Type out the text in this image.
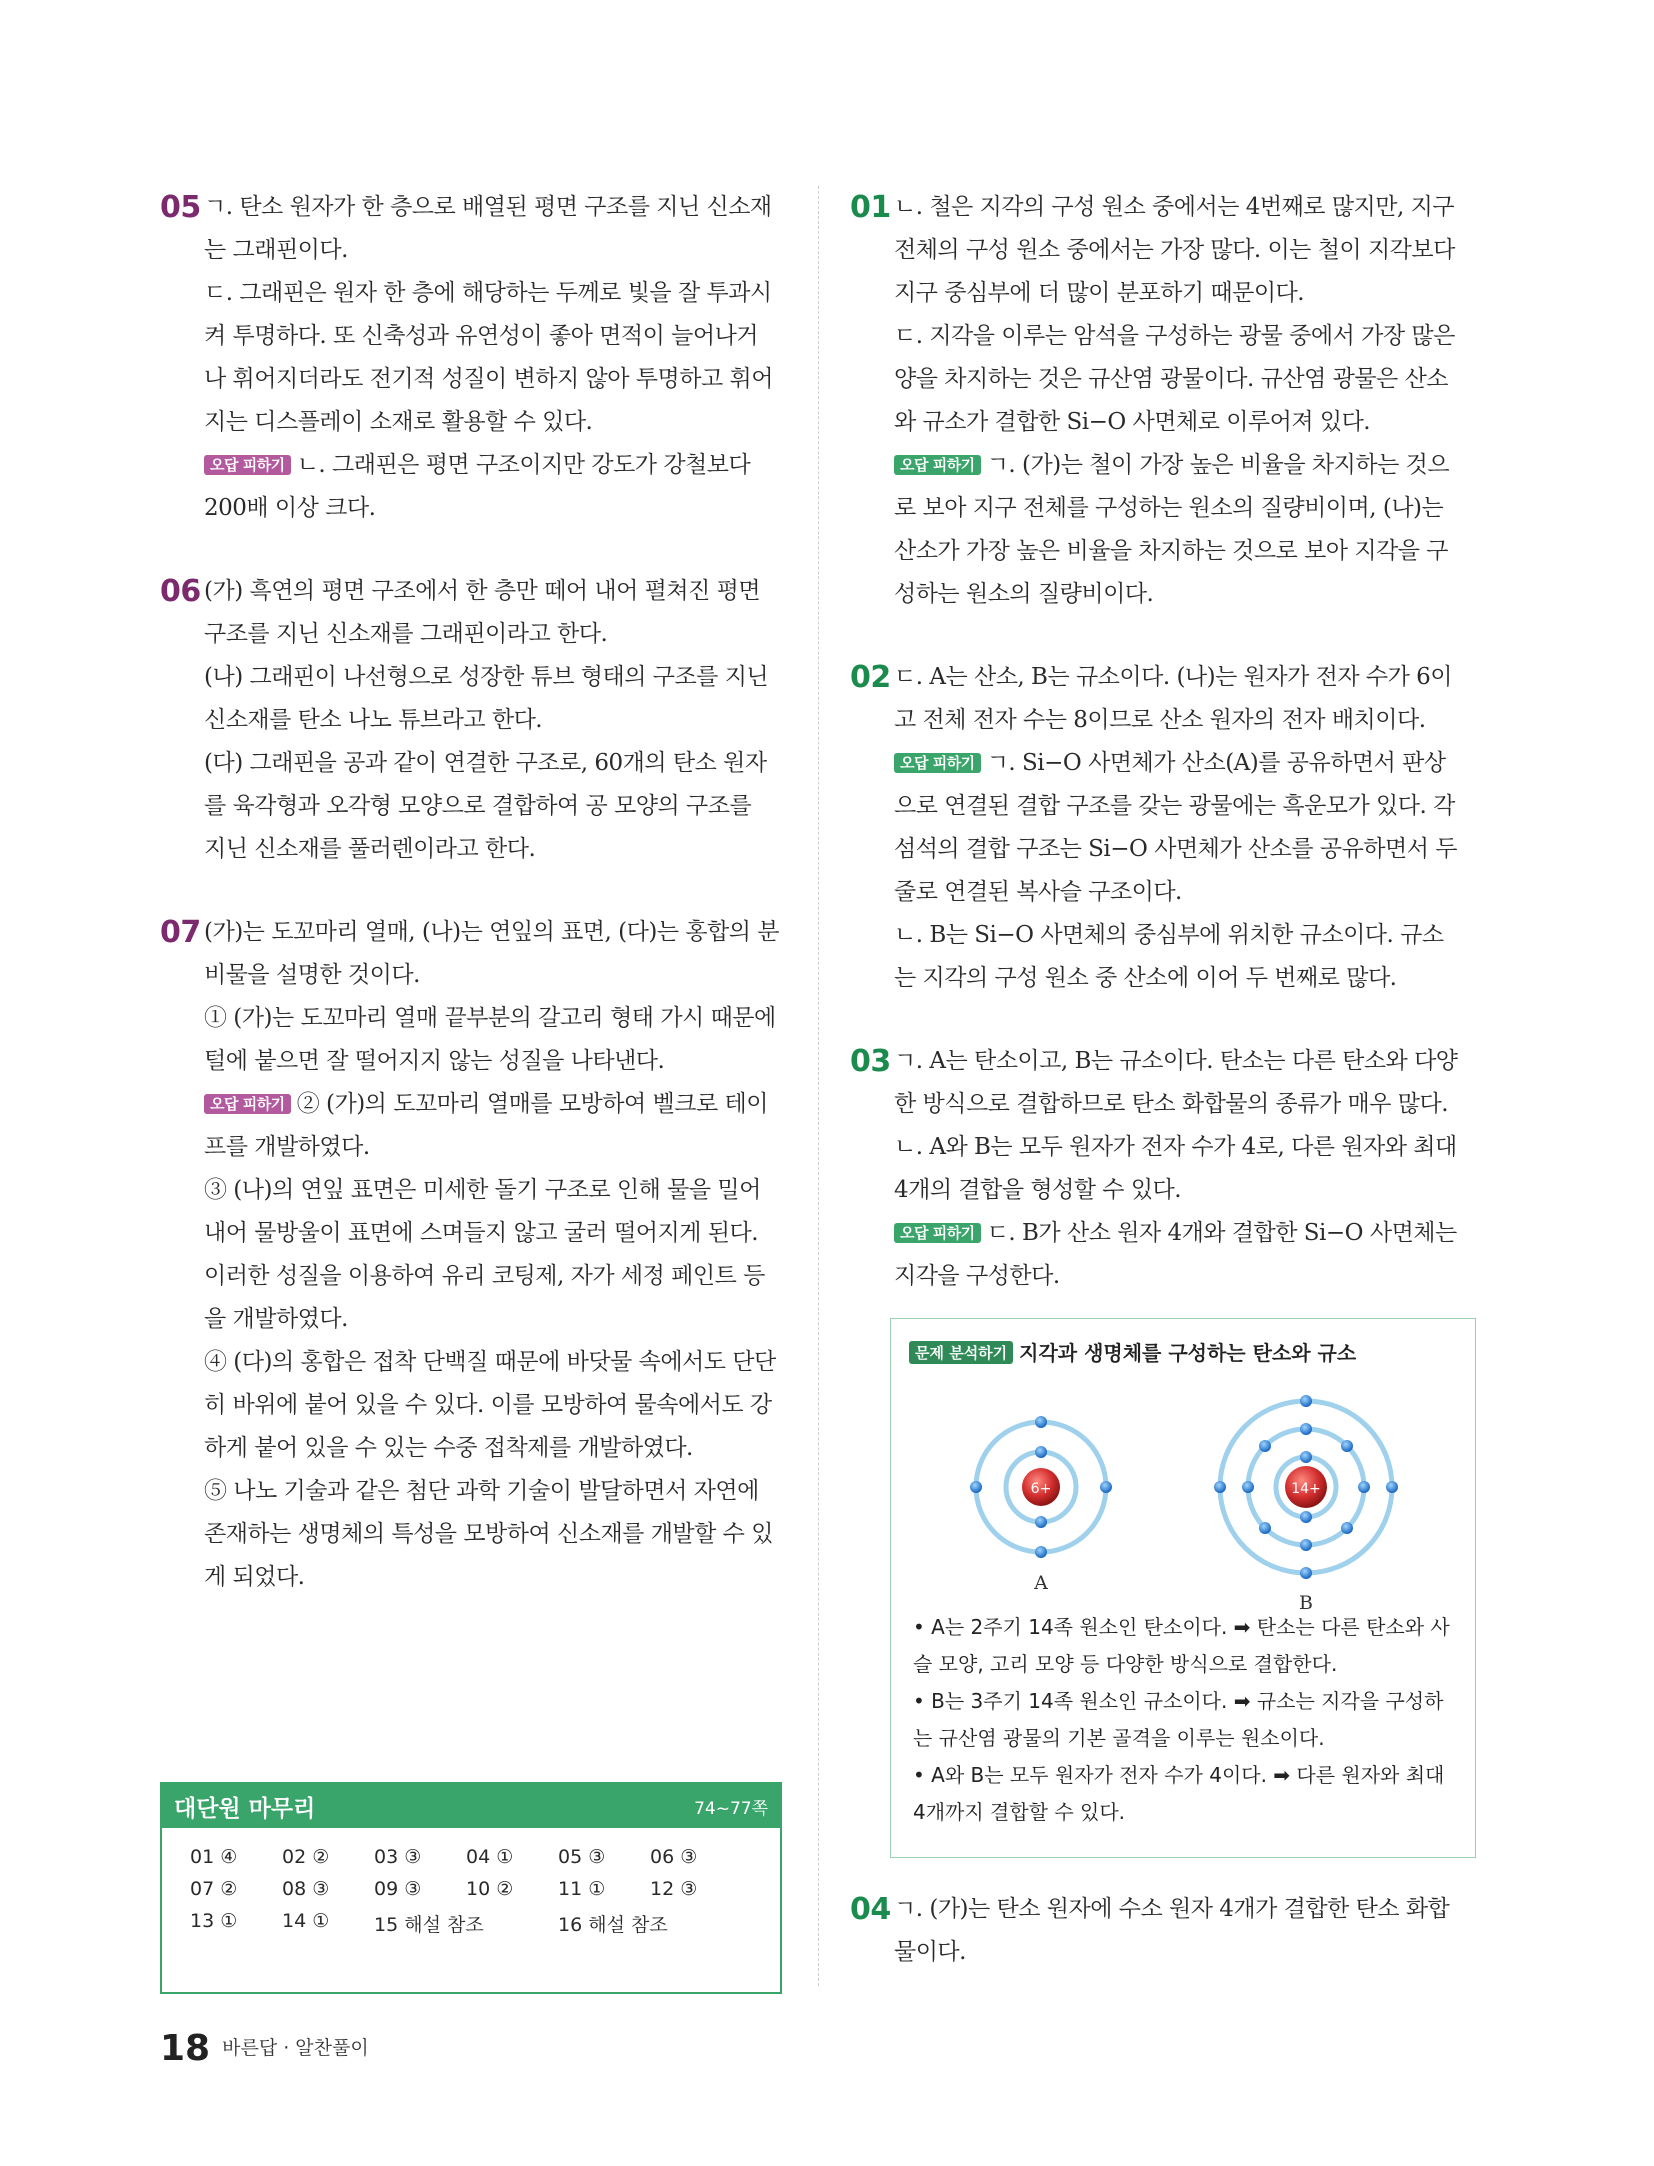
05 ㄱ. 탄소 원자가 한 층으로 배열된 평면 구조를 지닌 신소재
는 그래핀이다.
ㄷ. 그래핀은 원자 한 층에 해당하는 두께로 빛을 잘 투과시
켜 투명하다. 또 신축성과 유연성이 좋아 면적이 늘어나거
나 휘어지더라도 전기적 성질이 변하지 않아 투명하고 휘어
지는 디스플레이 소재로 활용할 수 있다.
오답 피하기 ㄴ. 그래핀은 평면 구조이지만 강도가 강철보다
200배 이상 크다.
06 (가) 흑연의 평면 구조에서 한 층만 떼어 내어 펼쳐진 평면
구조를 지닌 신소재를 그래핀이라고 한다.
(나) 그래핀이 나선형으로 성장한 튜브 형태의 구조를 지닌
신소재를 탄소 나노 튜브라고 한다.
(다) 그래핀을 공과 같이 연결한 구조로, 60개의 탄소 원자
를 육각형과 오각형 모양으로 결합하여 공 모양의 구조를
지닌 신소재를 풀러렌이라고 한다.
07 (가)는 도꼬마리 열매, (나)는 연잎의 표면, (다)는 홍합의 분
비물을 설명한 것이다.
① (가)는 도꼬마리 열매 끝부분의 갈고리 형태 가시 때문에
털에 붙으면 잘 떨어지지 않는 성질을 나타낸다.
오답 피하기 ② (가)의 도꼬마리 열매를 모방하여 벨크로 테이
프를 개발하였다.
③ (나)의 연잎 표면은 미세한 돌기 구조로 인해 물을 밀어
내어 물방울이 표면에 스며들지 않고 굴러 떨어지게 된다.
이러한 성질을 이용하여 유리 코팅제, 자가 세정 페인트 등
을 개발하였다.
④ (다)의 홍합은 접착 단백질 때문에 바닷물 속에서도 단단
히 바위에 붙어 있을 수 있다. 이를 모방하여 물속에서도 강
하게 붙어 있을 수 있는 수중 접착제를 개발하였다.
⑤ 나노 기술과 같은 첨단 과학 기술이 발달하면서 자연에
존재하는 생명체의 특성을 모방하여 신소재를 개발할 수 있
게 되었다.
대단원 마무리	74~77쪽
01 ④	02 ②	03 ③	04 ①	05 ③	06 ③
07 ②	08 ③	09 ③	10 ②	11 ①	12 ③
13 ①	14 ①	15 해설 참조	16 해설 참조
01 ㄴ. 철은 지각의 구성 원소 중에서는 4번째로 많지만, 지구
전체의 구성 원소 중에서는 가장 많다. 이는 철이 지각보다
지구 중심부에 더 많이 분포하기 때문이다.
ㄷ. 지각을 이루는 암석을 구성하는 광물 중에서 가장 많은
양을 차지하는 것은 규산염 광물이다. 규산염 광물은 산소
와 규소가 결합한 Si−O 사면체로 이루어져 있다.
오답 피하기 ㄱ. (가)는 철이 가장 높은 비율을 차지하는 것으
로 보아 지구 전체를 구성하는 원소의 질량비이며, (나)는
산소가 가장 높은 비율을 차지하는 것으로 보아 지각을 구
성하는 원소의 질량비이다.
02 ㄷ. A는 산소, B는 규소이다. (나)는 원자가 전자 수가 6이
고 전체 전자 수는 8이므로 산소 원자의 전자 배치이다.
오답 피하기 ㄱ. Si−O 사면체가 산소(A)를 공유하면서 판상
으로 연결된 결합 구조를 갖는 광물에는 흑운모가 있다. 각
섬석의 결합 구조는 Si−O 사면체가 산소를 공유하면서 두
줄로 연결된 복사슬 구조이다.
ㄴ. B는 Si−O 사면체의 중심부에 위치한 규소이다. 규소
는 지각의 구성 원소 중 산소에 이어 두 번째로 많다.
03 ㄱ. A는 탄소이고, B는 규소이다. 탄소는 다른 탄소와 다양
한 방식으로 결합하므로 탄소 화합물의 종류가 매우 많다.
ㄴ. A와 B는 모두 원자가 전자 수가 4로, 다른 원자와 최대
4개의 결합을 형성할 수 있다.
오답 피하기 ㄷ. B가 산소 원자 4개와 결합한 Si−O 사면체는
지각을 구성한다.
문제 분석하기 지각과 생명체를 구성하는 탄소와 규소
6+
A
14+
B
• A는 2주기 14족 원소인 탄소이다. ➡ 탄소는 다른 탄소와 사
슬 모양, 고리 모양 등 다양한 방식으로 결합한다.
• B는 3주기 14족 원소인 규소이다. ➡ 규소는 지각을 구성하
는 규산염 광물의 기본 골격을 이루는 원소이다.
• A와 B는 모두 원자가 전자 수가 4이다. ➡ 다른 원자와 최대
4개까지 결합할 수 있다.
04 ㄱ. (가)는 탄소 원자에 수소 원자 4개가 결합한 탄소 화합
물이다.
18 바른답 · 알찬풀이
